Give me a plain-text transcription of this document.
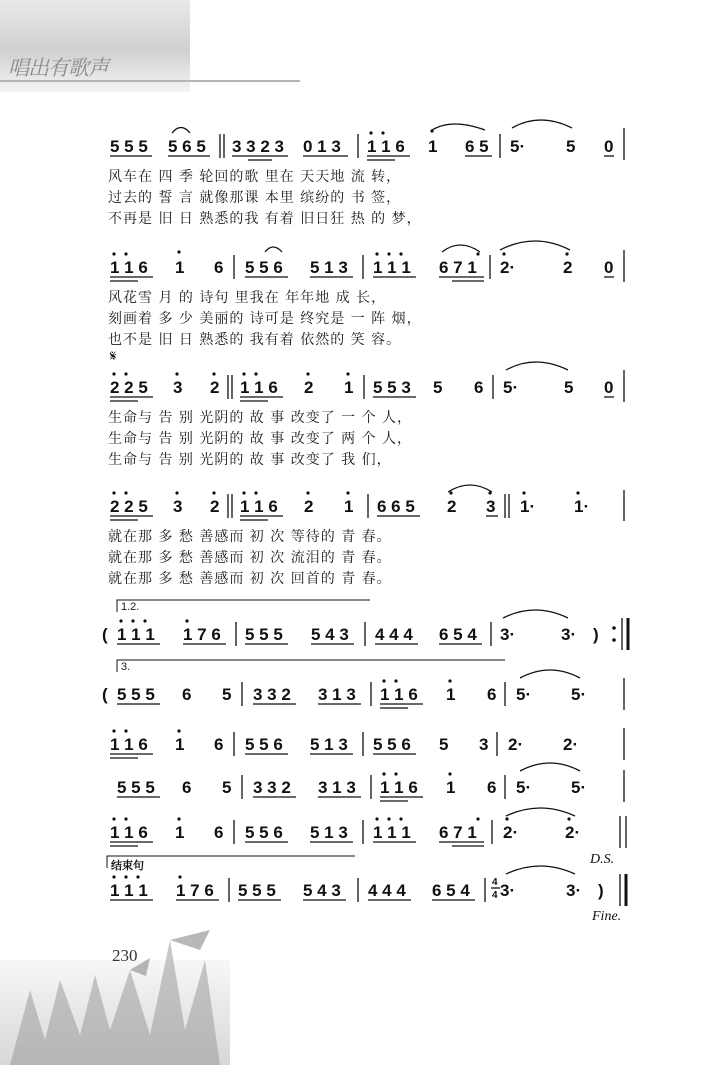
唱出有歌声
230
5 5 5 5 6 5 3 3 2 3 0 1 3 1 1 6 1 6 5 5· 5 0
1 1 6 1 6 5 5 6 5 1 3 1 1 1 6 7 1 2·	2 0
2 2 5 3 2 1 1 6 2 1 5 5 3 5 6 5·	5 0
2 2 5 3 2 1 1 6 2 1 6 6 5 2 3 1· 1·
( 1 1 1 1 7 6 5 5 5 5 4 3 4 4 4 6 5 4 3·	3· )
( 5 5 5 6 5 3 3 2 3 1 3 1 1 6 1 6 5· 5·
1 1 6 1 6 5 5 6 5 1 3 5 5 6 5 3 2· 2·
5 5 5 6 5 3 3 2 3 1 3 1 1 6 1 6 5· 5·
1 1 6 1 6 5 5 6 5 1 3 1 1 1 6 7 1 2·	2·
1 1 1 1 7 6 5 5 5 5 4 3 4 4 4 6 5 4 3·	3· )
4
4
风车在 四 季 轮回的歌 里在 天天地 流 转，
过去的 誓 言 就像那课 本里 缤纷的 书 签，
不再是 旧 日 熟悉的我 有着 旧日狂 热 的 梦，
风花雪 月 的 诗句 里我在 年年地 成 长，
刻画着 多 少 美丽的 诗可是 终究是 一 阵 烟，
也不是 旧 日 熟悉的 我有着 依然的 笑 容。
𝄋
生命与 告 别 光阴的 故 事 改变了 一 个 人，
生命与 告 别 光阴的 故 事 改变了 两 个 人，
生命与 告 别 光阴的 故 事 改变了 我 们，
就在那 多 愁 善感而 初 次 等待的 青 春。
就在那 多 愁 善感而 初 次 流泪的 青 春。
就在那 多 愁 善感而 初 次 回首的 青 春。
1.2.
3.
结束句	D.S.
Fine.
